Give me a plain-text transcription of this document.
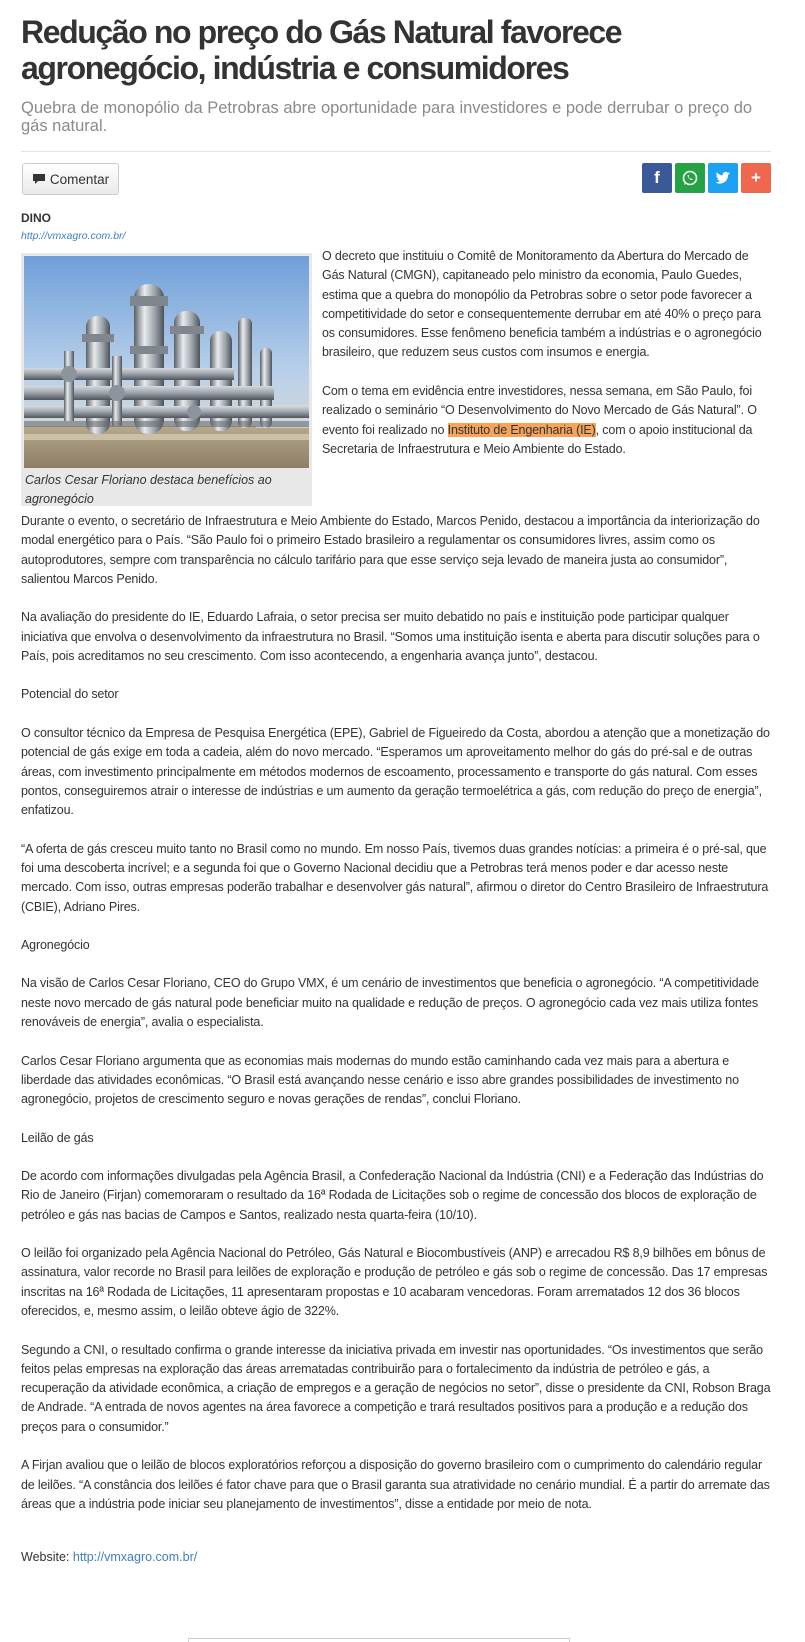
Redução no preço do Gás Natural favorece agronegócio, indústria e consumidores
Quebra de monopólio da Petrobras abre oportunidade para investidores e pode derrubar o preço do gás natural.
Comentar	f	+
DINO
http://vmxagro.com.br/
Carlos Cesar Floriano destaca benefícios ao agronegócio

O decreto que instituiu o Comitê de Monitoramento da Abertura do Mercado de Gás Natural (CMGN), capitaneado pelo ministro da economia, Paulo Guedes, estima que a quebra do monopólio da Petrobras sobre o setor pode favorecer a competitividade do setor e consequentemente derrubar em até 40% o preço para os consumidores. Esse fenômeno beneficia também a indústrias e o agronegócio brasileiro, que reduzem seus custos com insumos e energia.

Com o tema em evidência entre investidores, nessa semana, em São Paulo, foi realizado o seminário “O Desenvolvimento do Novo Mercado de Gás Natural”. O evento foi realizado no Instituto de Engenharia (IE), com o apoio institucional da Secretaria de Infraestrutura e Meio Ambiente do Estado.

Durante o evento, o secretário de Infraestrutura e Meio Ambiente do Estado, Marcos Penido, destacou a importância da interiorização do modal energético para o País. “São Paulo foi o primeiro Estado brasileiro a regulamentar os consumidores livres, assim como os autoprodutores, sempre com transparência no cálculo tarifário para que esse serviço seja levado de maneira justa ao consumidor”, salientou Marcos Penido.

Na avaliação do presidente do IE, Eduardo Lafraia, o setor precisa ser muito debatido no país e instituição pode participar qualquer iniciativa que envolva o desenvolvimento da infraestrutura no Brasil. “Somos uma instituição isenta e aberta para discutir soluções para o País, pois acreditamos no seu crescimento. Com isso acontecendo, a engenharia avança junto”, destacou.

Potencial do setor

O consultor técnico da Empresa de Pesquisa Energética (EPE), Gabriel de Figueiredo da Costa, abordou a atenção que a monetização do potencial de gás exige em toda a cadeia, além do novo mercado. “Esperamos um aproveitamento melhor do gás do pré-sal e de outras áreas, com investimento principalmente em métodos modernos de escoamento, processamento e transporte do gás natural. Com esses pontos, conseguiremos atrair o interesse de indústrias e um aumento da geração termoelétrica a gás, com redução do preço de energia”, enfatizou.

“A oferta de gás cresceu muito tanto no Brasil como no mundo. Em nosso País, tivemos duas grandes notícias: a primeira é o pré-sal, que foi uma descoberta incrível; e a segunda foi que o Governo Nacional decidiu que a Petrobras terá menos poder e dar acesso neste mercado. Com isso, outras empresas poderão trabalhar e desenvolver gás natural”, afirmou o diretor do Centro Brasileiro de Infraestrutura (CBIE), Adriano Pires.

Agronegócio

Na visão de Carlos Cesar Floriano, CEO do Grupo VMX, é um cenário de investimentos que beneficia o agronegócio. “A competitividade neste novo mercado de gás natural pode beneficiar muito na qualidade e redução de preços. O agronegócio cada vez mais utiliza fontes renováveis de energia”, avalia o especialista.

Carlos Cesar Floriano argumenta que as economias mais modernas do mundo estão caminhando cada vez mais para a abertura e liberdade das atividades econômicas. “O Brasil está avançando nesse cenário e isso abre grandes possibilidades de investimento no agronegócio, projetos de crescimento seguro e novas gerações de rendas”, conclui Floriano.

Leilão de gás

De acordo com informações divulgadas pela Agência Brasil, a Confederação Nacional da Indústria (CNI) e a Federação das Indústrias do Rio de Janeiro (Firjan) comemoraram o resultado da 16ª Rodada de Licitações sob o regime de concessão dos blocos de exploração de petróleo e gás nas bacias de Campos e Santos, realizado nesta quarta-feira (10/10).

O leilão foi organizado pela Agência Nacional do Petróleo, Gás Natural e Biocombustíveis (ANP) e arrecadou R$ 8,9 bilhões em bônus de assinatura, valor recorde no Brasil para leilões de exploração e produção de petróleo e gás sob o regime de concessão. Das 17 empresas inscritas na 16ª Rodada de Licitações, 11 apresentaram propostas e 10 acabaram vencedoras. Foram arrematados 12 dos 36 blocos oferecidos, e, mesmo assim, o leilão obteve ágio de 322%.

Segundo a CNI, o resultado confirma o grande interesse da iniciativa privada em investir nas oportunidades. “Os investimentos que serão feitos pelas empresas na exploração das áreas arrematadas contribuirão para o fortalecimento da indústria de petróleo e gás, a recuperação da atividade econômica, a criação de empregos e a geração de negócios no setor”, disse o presidente da CNI, Robson Braga de Andrade. “A entrada de novos agentes na área favorece a competição e trará resultados positivos para a produção e a redução dos preços para o consumidor.”

A Firjan avaliou que o leilão de blocos exploratórios reforçou a disposição do governo brasileiro com o cumprimento do calendário regular de leilões. “A constância dos leilões é fator chave para que o Brasil garanta sua atratividade no cenário mundial. É a partir do arremate das áreas que a indústria pode iniciar seu planejamento de investimentos”, disse a entidade por meio de nota.

Website: http://vmxagro.com.br/
